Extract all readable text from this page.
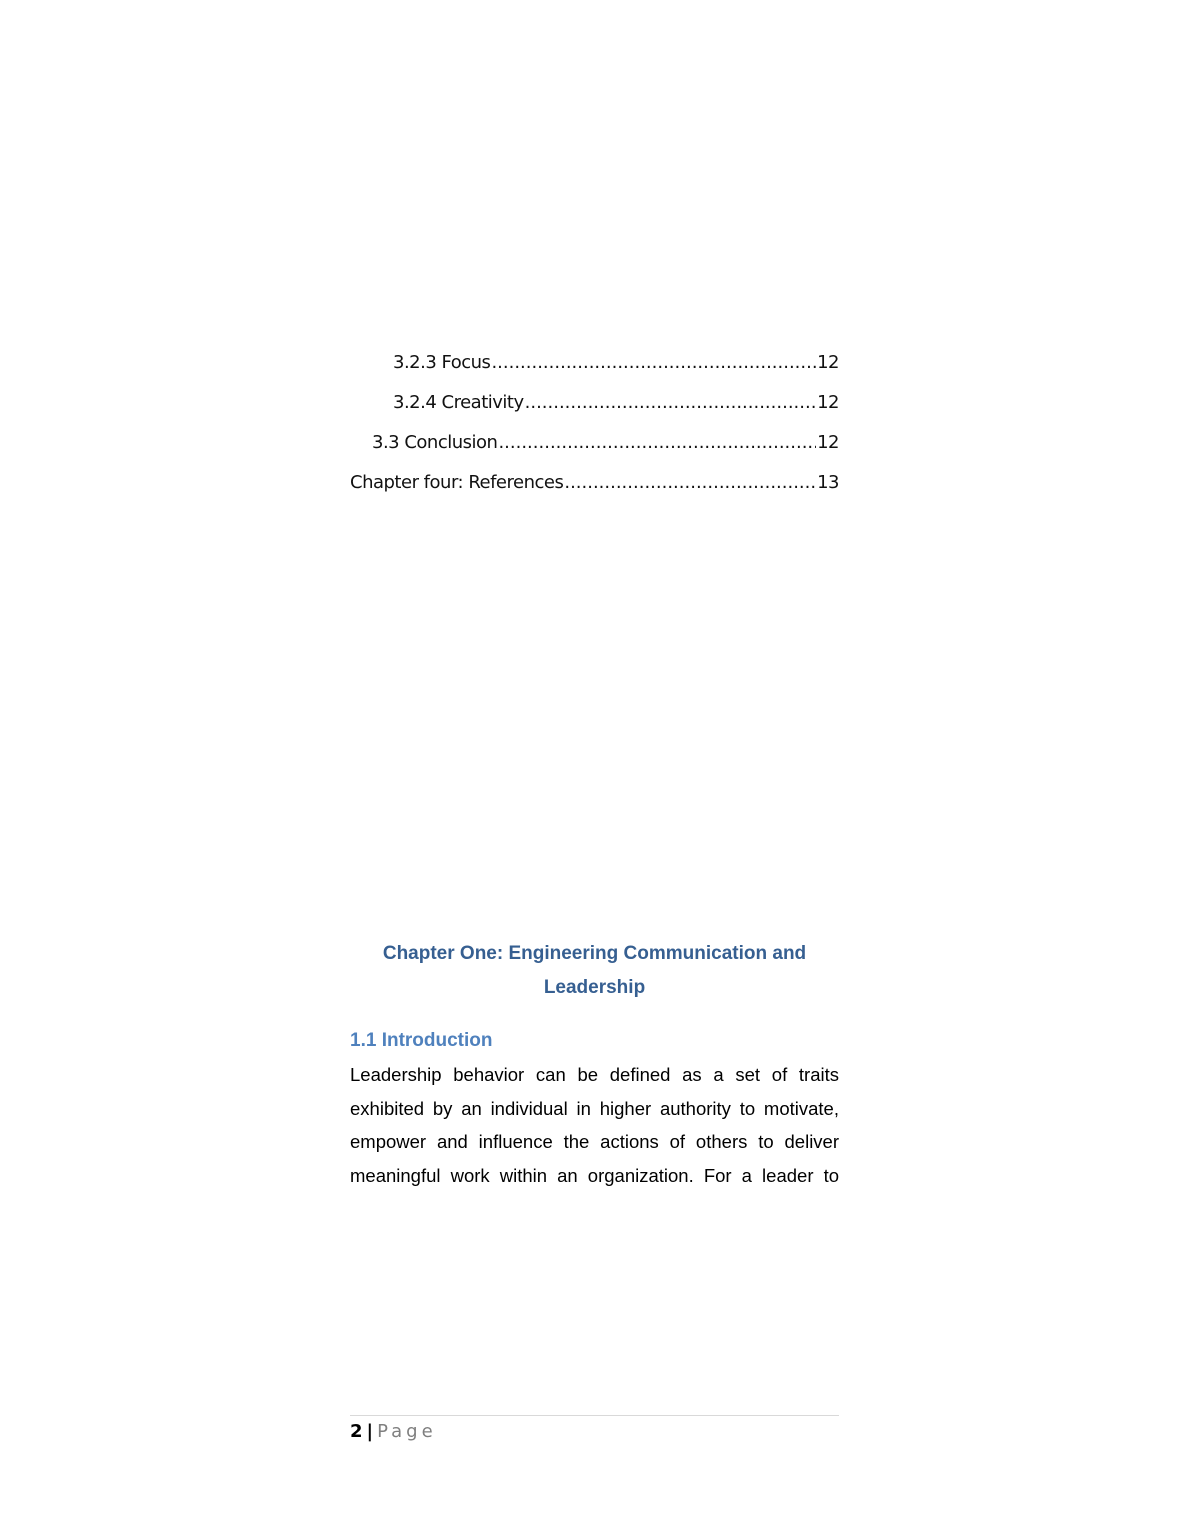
3.2.3 Focus .....	12
3.2.4 Creativity .....	12
3.3 Conclusion .....	12
Chapter four: References .....	13
Chapter One: Engineering Communication and
Leadership
1.1 Introduction

Leadership behavior can be defined as a set of traits exhibited by an individual in higher authority to motivate, empower and influence the actions of others to deliver meaningful work within an organization. For a leader to

2 | Page
